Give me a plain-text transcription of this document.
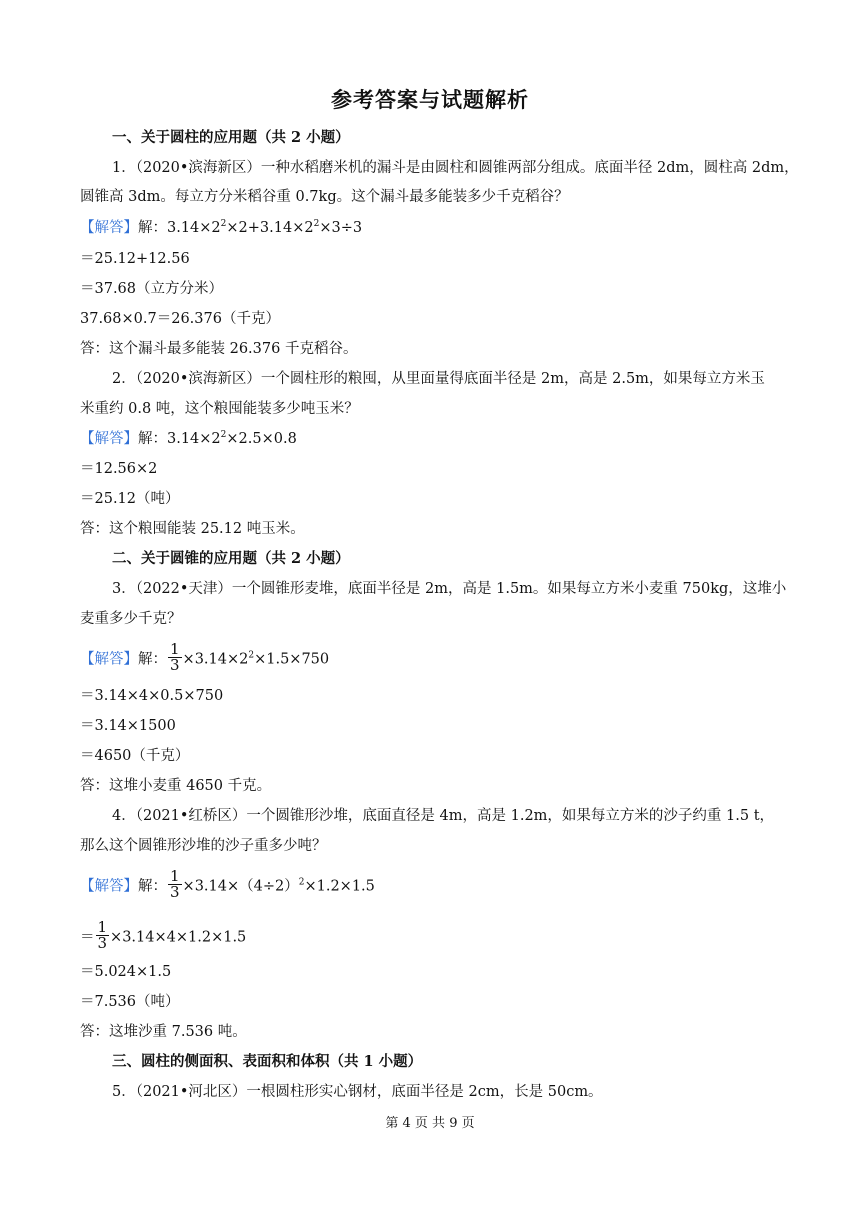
参考答案与试题解析
一、关于圆柱的应用题（共 2 小题）
1．（2020•滨海新区）一种水稻磨米机的漏斗是由圆柱和圆锥两部分组成。底面半径 2dm，圆柱高 2dm，
圆锥高 3dm。每立方分米稻谷重 0.7kg。这个漏斗最多能装多少千克稻谷？
【解答】解：$3.14\times 2^2\times 2+3.14\times 2^2\times 3\div 3$
＝25.12+12.56
＝37.68（立方分米）
37.68×0.7＝26.376（千克）
答：这个漏斗最多能装 26.376 千克稻谷。
2．（2020•滨海新区）一个圆柱形的粮囤，从里面量得底面半径是 2m，高是 2.5m，如果每立方米玉
米重约 0.8 吨，这个粮囤能装多少吨玉米？
【解答】解：$3.14\times 2^2\times 2.5\times 0.8$
＝12.56×2
＝25.12（吨）
答：这个粮囤能装 25.12 吨玉米。
二、关于圆锥的应用题（共 2 小题）
3．（2022•天津）一个圆锥形麦堆，底面半径是 2m，高是 1.5m。如果每立方米小麦重 750kg，这堆小
麦重多少千克？
【解答】解： $\frac{1}{3} \times 3.14\times 2^2\times 1.5\times 750$
＝3.14×4×0.5×750
＝3.14×1500
＝4650（千克）
答：这堆小麦重 4650 千克。
4．（2021•红桥区）一个圆锥形沙堆，底面直径是 4m，高是 1.2m，如果每立方米的沙子约重 1.5 t，
那么这个圆锥形沙堆的沙子重多少吨？
【解答】解： $\frac{1}{3} \times 3.14\times(4\div 2)^2\times 1.2\times 1.5$
＝ $\frac{1}{3} \times 3.14\times 4\times 1.2\times 1.5$
＝5.024×1.5
＝7.536（吨）
答：这堆沙重 7.536 吨。
三、圆柱的侧面积、表面积和体积（共 1 小题）
5．（2021•河北区）一根圆柱形实心钢材，底面半径是 2cm，长是 50cm。
第 4 页 共 9 页
